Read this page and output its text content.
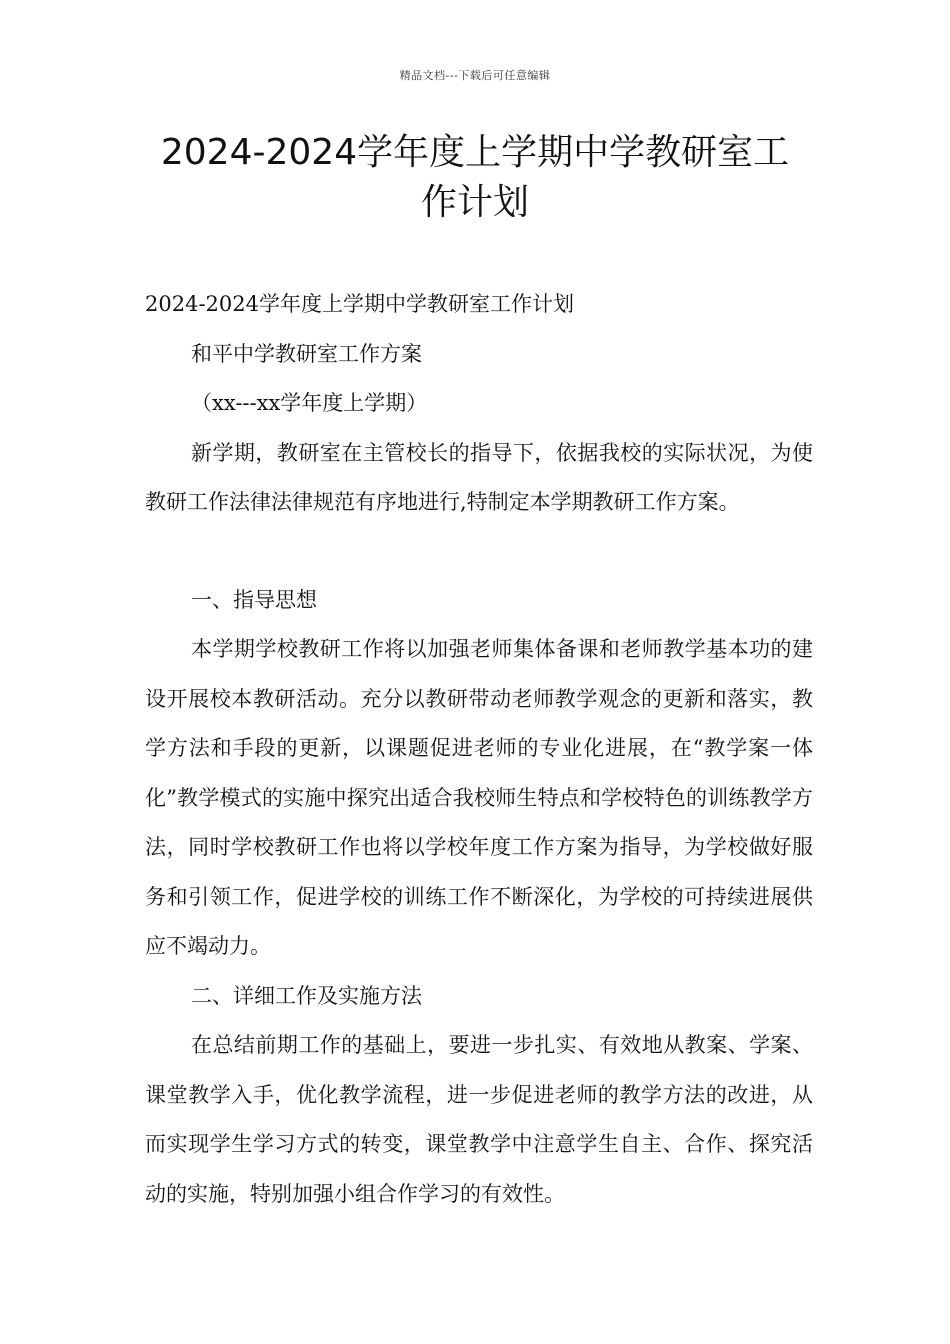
精品文档---下载后可任意编辑
2024-2024学年度上学期中学教研室工作计划

2024-2024学年度上学期中学教研室工作计划

和平中学教研室工作方案

（xx---xx学年度上学期）

新学期，教研室在主管校长的指导下，依据我校的实际状况，为使教研工作法律法律规范有序地进行,特制定本学期教研工作方案。

一、指导思想

本学期学校教研工作将以加强老师集体备课和老师教学基本功的建设开展校本教研活动。充分以教研带动老师教学观念的更新和落实，教学方法和手段的更新，以课题促进老师的专业化进展，在“教学案一体化”教学模式的实施中探究出适合我校师生特点和学校特色的训练教学方法，同时学校教研工作也将以学校年度工作方案为指导，为学校做好服务和引领工作，促进学校的训练工作不断深化，为学校的可持续进展供应不竭动力。

二、详细工作及实施方法

在总结前期工作的基础上，要进一步扎实、有效地从教案、学案、课堂教学入手，优化教学流程，进一步促进老师的教学方法的改进，从而实现学生学习方式的转变，课堂教学中注意学生自主、合作、探究活动的实施，特别加强小组合作学习的有效性。
